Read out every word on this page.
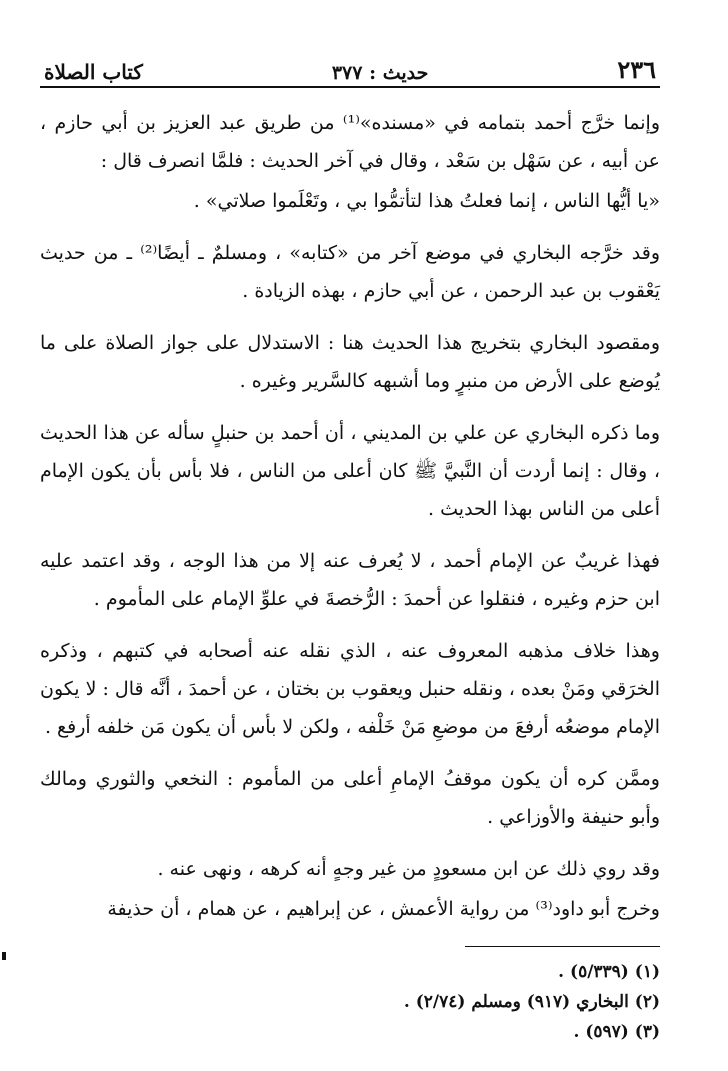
٢٣٦
حديث : ٣٧٧
كتاب الصلاة

وإنما خرَّج أحمد بتمامه في «مسنده»⁽¹⁾ من طريق عبد العزيز بن أبي حازم ، عن أبيه ، عن سَهْل بن سَعْد ، وقال في آخر الحديث : فلمَّا انصرف قال :

«يا أيُّها الناس ، إنما فعلتُ هذا لتأتمُّوا بي ، وتَعْلَموا صلاتي» .

وقد خرَّجه البخاري في موضع آخر من «كتابه» ، ومسلمٌ ـ أيضًا⁽²⁾ ـ من حديث يَعْقوب بن عبد الرحمن ، عن أبي حازم ، بهذه الزيادة .

ومقصود البخاري بتخريج هذا الحديث هنا : الاستدلال على جواز الصلاة على ما يُوضع على الأرض من منبرٍ وما أشبهه كالسَّرير وغيره .

وما ذكره البخاري عن علي بن المديني ، أن أحمد بن حنبلٍ سأله عن هذا الحديث ، وقال : إنما أردت أن النَّبيَّ ﷺ كان أعلى من الناس ، فلا بأس بأن يكون الإمام أعلى من الناس بهذا الحديث .

فهذا غريبٌ عن الإمام أحمد ، لا يُعرف عنه إلا من هذا الوجه ، وقد اعتمد عليه ابن حزم وغيره ، فنقلوا عن أحمدَ : الرُّخصةَ في علوِّ الإمام على المأموم .

وهذا خلاف مذهبه المعروف عنه ، الذي نقله عنه أصحابه في كتبهم ، وذكره الخرَقي ومَنْ بعده ، ونقله حنبل ويعقوب بن بختان ، عن أحمدَ ، أنَّه قال : لا يكون الإمام موضعُه أرفعَ من موضعِ مَنْ خَلْفه ، ولكن لا بأس أن يكون مَن خلفه أرفع .

وممَّن كره أن يكون موقفُ الإمامِ أعلى من المأموم : النخعي والثوري ومالك وأبو حنيفة والأوزاعي .

وقد روي ذلك عن ابن مسعودٍ من غير وجهٍ أنه كرهه ، ونهى عنه .

وخرج أبو داود⁽³⁾ من رواية الأعمش ، عن إبراهيم ، عن همام ، أن حذيفة

(١) (٥/٣٣٩) .
(٢) البخاري (٩١٧) ومسلم (٢/٧٤) .
(٣) (٥٩٧) .
